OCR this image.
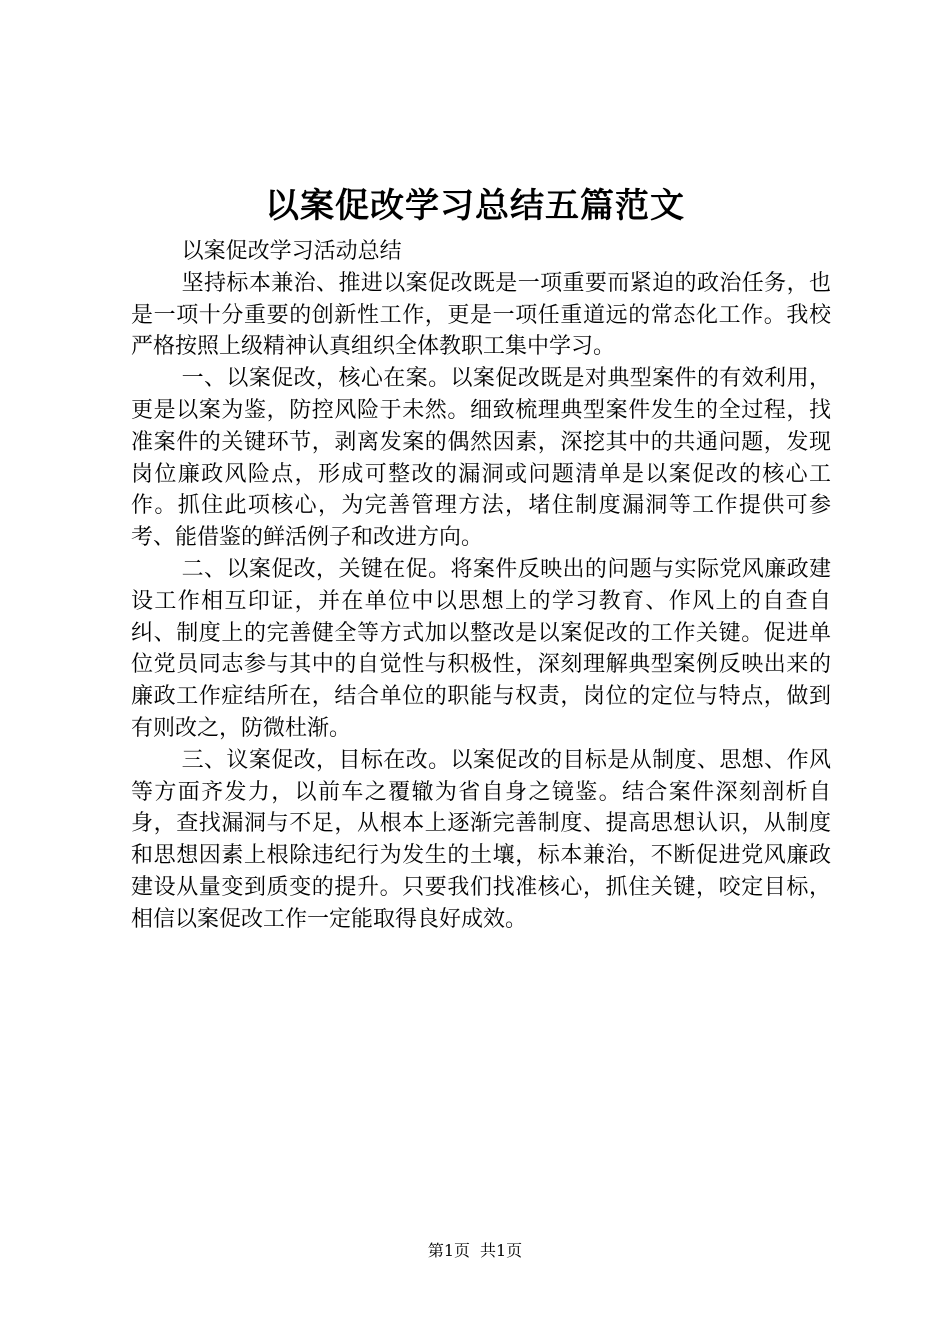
以案促改学习总结五篇范文

以案促改学习活动总结

坚持标本兼治、推进以案促改既是一项重要而紧迫的政治任务，也是一项十分重要的创新性工作，更是一项任重道远的常态化工作。我校严格按照上级精神认真组织全体教职工集中学习。

一、以案促改，核心在案。以案促改既是对典型案件的有效利用，更是以案为鉴，防控风险于未然。细致梳理典型案件发生的全过程，找准案件的关键环节，剥离发案的偶然因素，深挖其中的共通问题，发现岗位廉政风险点，形成可整改的漏洞或问题清单是以案促改的核心工作。抓住此项核心，为完善管理方法，堵住制度漏洞等工作提供可参考、能借鉴的鲜活例子和改进方向。

二、以案促改，关键在促。将案件反映出的问题与实际党风廉政建设工作相互印证，并在单位中以思想上的学习教育、作风上的自查自纠、制度上的完善健全等方式加以整改是以案促改的工作关键。促进单位党员同志参与其中的自觉性与积极性，深刻理解典型案例反映出来的廉政工作症结所在，结合单位的职能与权责，岗位的定位与特点，做到有则改之，防微杜渐。

三、议案促改，目标在改。以案促改的目标是从制度、思想、作风等方面齐发力，以前车之覆辙为省自身之镜鉴。结合案件深刻剖析自身，查找漏洞与不足，从根本上逐渐完善制度、提高思想认识，从制度和思想因素上根除违纪行为发生的土壤，标本兼治，不断促进党风廉政建设从量变到质变的提升。只要我们找准核心，抓住关键，咬定目标，相信以案促改工作一定能取得良好成效。

第1页 共1页
